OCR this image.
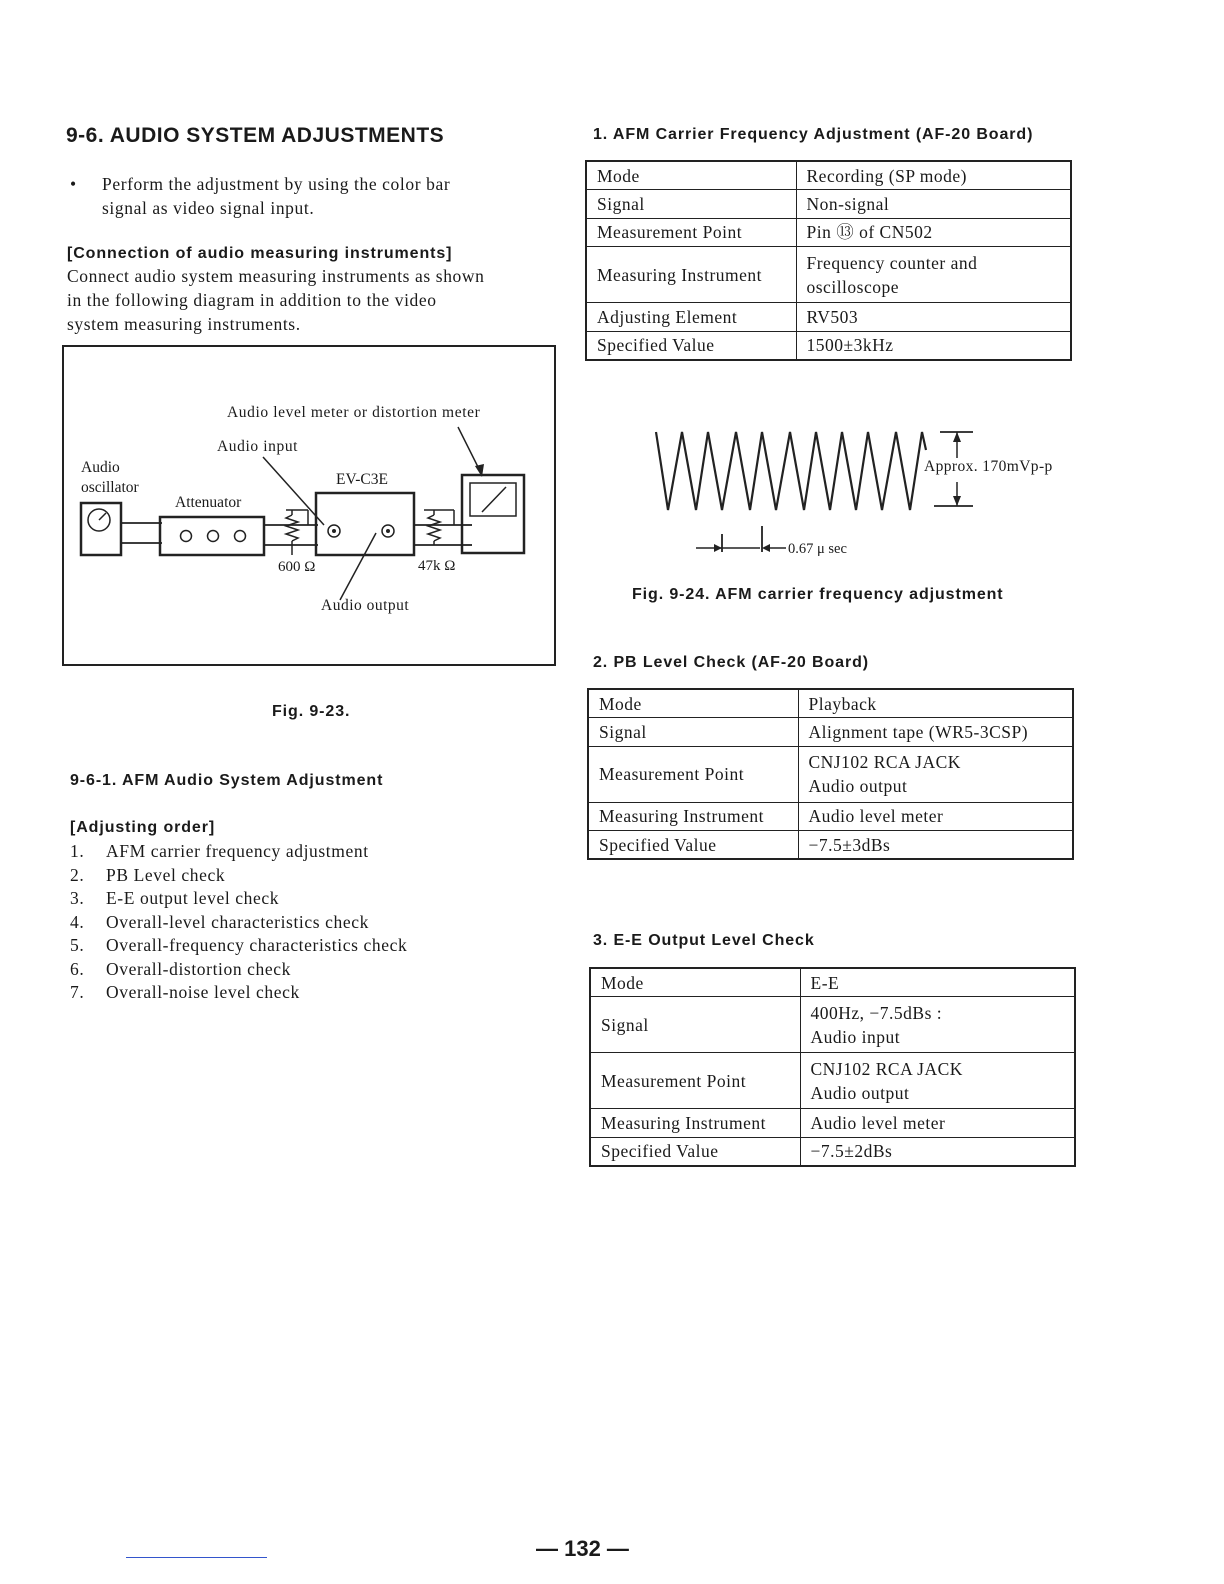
9-6. AUDIO SYSTEM ADJUSTMENTS
•	Perform the adjustment by using the color bar
signal as video signal input.
[Connection of audio measuring instruments]
Connect audio system measuring instruments as shown
in the following diagram in addition to the video
system measuring instruments.
Audio level meter or distortion meter
Audio input
Audio
oscillator	EV-C3E
Attenuator
600 Ω	47k Ω
Audio output
Fig. 9-23.
9-6-1. AFM Audio System Adjustment
[Adjusting order]
1.	AFM carrier frequency adjustment
2.	PB Level check
3.	E-E output level check
4.	Overall-level characteristics check
5.	Overall-frequency characteristics check
6.	Overall-distortion check
7.	Overall-noise level check
1. AFM Carrier Frequency Adjustment (AF-20 Board)
Mode	Recording (SP mode)

Signal	Non-signal

Measurement Point	Pin ⑬ of CN502

Measuring Instrument	Frequency counter and
oscilloscope

Adjusting Element	RV503

Specified Value	1500±3kHz
Approx. 170mVp-p
0.67 μ sec
Fig. 9-24. AFM carrier frequency adjustment
2. PB Level Check (AF-20 Board)
Mode	Playback

Signal	Alignment tape (WR5-3CSP)

Measurement Point	CNJ102 RCA JACK
Audio output

Measuring Instrument	Audio level meter

Specified Value	−7.5±3dBs
3. E-E Output Level Check
Mode	E-E

Signal	400Hz, −7.5dBs :
Audio input

Measurement Point	CNJ102 RCA JACK
Audio output

Measuring Instrument	Audio level meter

Specified Value	−7.5±2dBs
— 132 —
